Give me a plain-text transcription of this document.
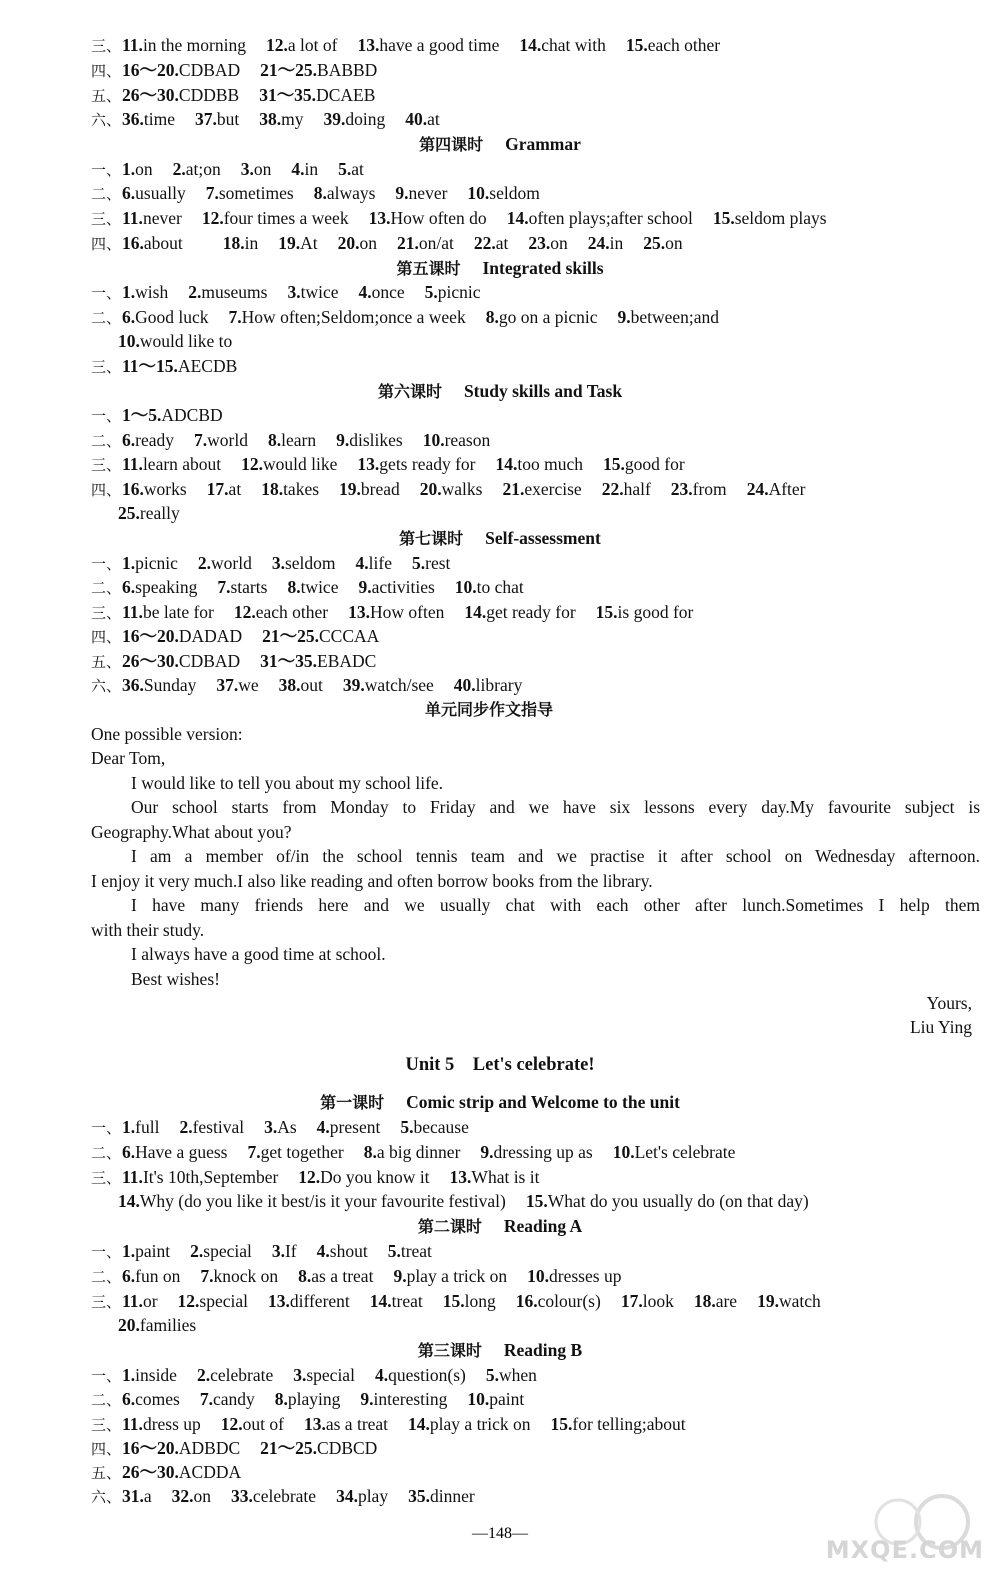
三、11.in the morning 12.a lot of 13.have a good time 14.chat with 15.each other
四、16～20.CDBAD 21～25.BABBD
五、26～30.CDDBB 31～35.DCAEB
六、36.time 37.but 38.my 39.doing 40.at
第四课时 Grammar
一、1.on 2.at;on 3.on 4.in 5.at
二、6.usually 7.sometimes 8.always 9.never 10.seldom
三、11.never 12.four times a week 13.How often do 14.often plays;after school 15.seldom plays
四、16.about 18.in 19.At 20.on 21.on/at 22.at 23.on 24.in 25.on
第五课时 Integrated skills
一、1.wish 2.museums 3.twice 4.once 5.picnic
二、6.Good luck 7.How often;Seldom;once a week 8.go on a picnic 9.between;and
10.would like to
三、11～15.AECDB
第六课时 Study skills and Task
一、1～5.ADCBD
二、6.ready 7.world 8.learn 9.dislikes 10.reason
三、11.learn about 12.would like 13.gets ready for 14.too much 15.good for
四、16.works 17.at 18.takes 19.bread 20.walks 21.exercise 22.half 23.from 24.After
25.really
第七课时 Self-assessment
一、1.picnic 2.world 3.seldom 4.life 5.rest
二、6.speaking 7.starts 8.twice 9.activities 10.to chat
三、11.be late for 12.each other 13.How often 14.get ready for 15.is good for
四、16～20.DADAD 21～25.CCCAA
五、26～30.CDBAD 31～35.EBADC
六、36.Sunday 37.we 38.out 39.watch/see 40.library
单元同步作文指导
One possible version:
Dear Tom,
I would like to tell you about my school life.
Our school starts from Monday to Friday and we have six lessons every day.My favourite subject is
Geography.What about you?
I am a member of/in the school tennis team and we practise it after school on Wednesday afternoon.
I enjoy it very much.I also like reading and often borrow books from the library.
I have many friends here and we usually chat with each other after lunch.Sometimes I help them
with their study.
I always have a good time at school.
Best wishes!
Yours,
Liu Ying
Unit 5　Let's celebrate!
第一课时 Comic strip and Welcome to the unit
一、1.full 2.festival 3.As 4.present 5.because
二、6.Have a guess 7.get together 8.a big dinner 9.dressing up as 10.Let's celebrate
三、11.It's 10th,September 12.Do you know it 13.What is it
14.Why (do you like it best/is it your favourite festival) 15.What do you usually do (on that day)
第二课时 Reading A
一、1.paint 2.special 3.If 4.shout 5.treat
二、6.fun on 7.knock on 8.as a treat 9.play a trick on 10.dresses up
三、11.or 12.special 13.different 14.treat 15.long 16.colour(s) 17.look 18.are 19.watch
20.families
第三课时 Reading B
一、1.inside 2.celebrate 3.special 4.question(s) 5.when
二、6.comes 7.candy 8.playing 9.interesting 10.paint
三、11.dress up 12.out of 13.as a treat 14.play a trick on 15.for telling;about
四、16～20.ADBDC 21～25.CDBCD
五、26～30.ACDDA
六、31.a 32.on 33.celebrate 34.play 35.dinner
MXQE.COM
—148—
